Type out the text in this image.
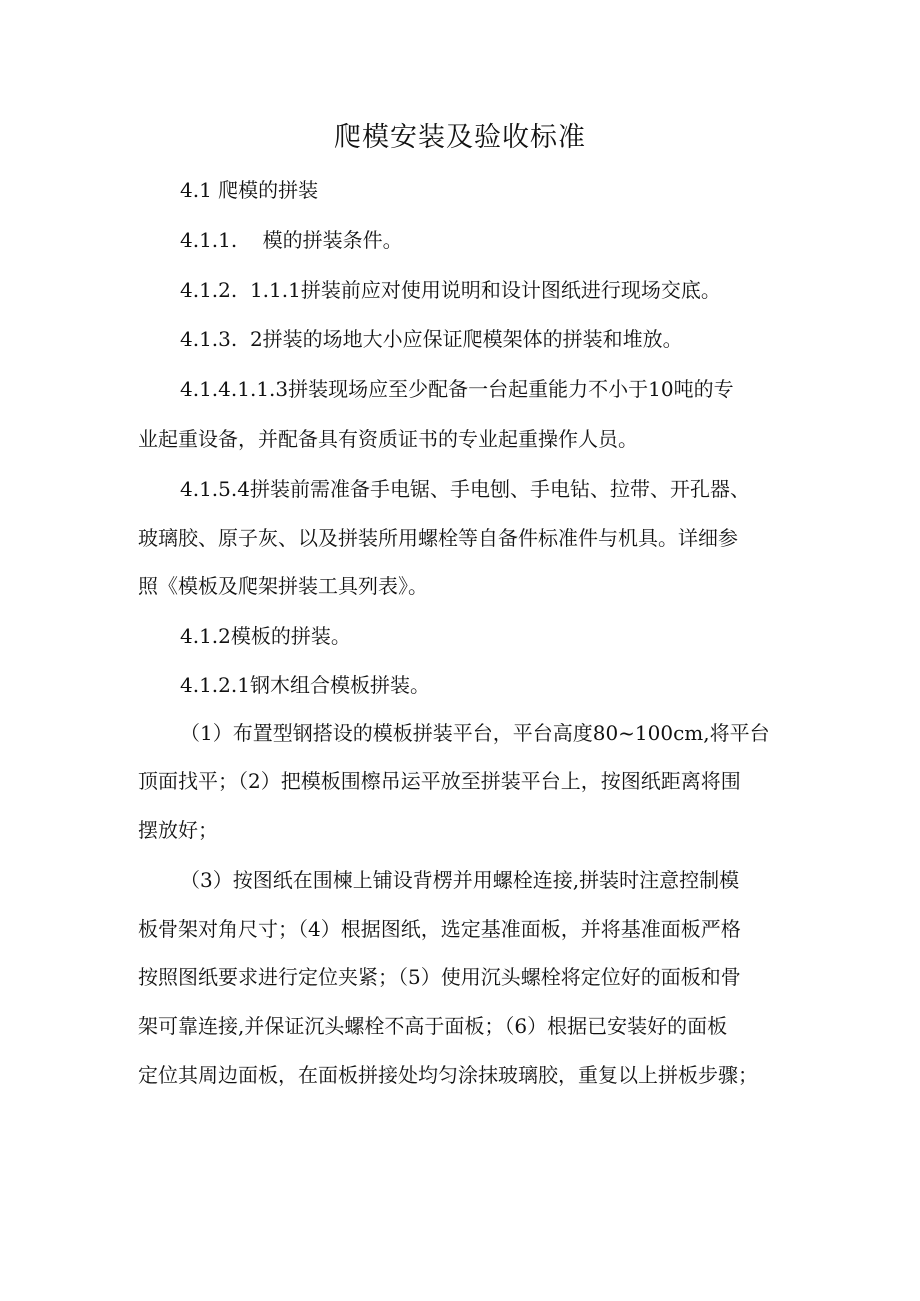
爬模安装及验收标准
4.1 爬模的拼装
4.1.1.    模的拼装条件。
4.1.2.  1.1.1拼装前应对使用说明和设计图纸进行现场交底。
4.1.3.  2拼装的场地大小应保证爬模架体的拼装和堆放。
4.1.4.1.1.3拼装现场应至少配备一台起重能力不小于10吨的专
业起重设备，并配备具有资质证书的专业起重操作人员。
4.1.5.4拼装前需准备手电锯、手电刨、手电钻、拉带、开孔器、
玻璃胶、原子灰、以及拼装所用螺栓等自备件标准件与机具。详细参
照《模板及爬架拼装工具列表》。
4.1.2模板的拼装。
4.1.2.1钢木组合模板拼装。
（1）布置型钢搭设的模板拼装平台，平台高度80~100cm,将平台
顶面找平；（2）把模板围檫吊运平放至拼装平台上，按图纸距离将围
摆放好；
（3）按图纸在围楝上铺设背楞并用螺栓连接,拼装时注意控制模
板骨架对角尺寸；（4）根据图纸，选定基准面板，并将基准面板严格
按照图纸要求进行定位夹紧；（5）使用沉头螺栓将定位好的面板和骨
架可靠连接,并保证沉头螺栓不高于面板；（6）根据已安装好的面板
定位其周边面板，在面板拼接处均匀涂抹玻璃胶，重复以上拼板步骤；
